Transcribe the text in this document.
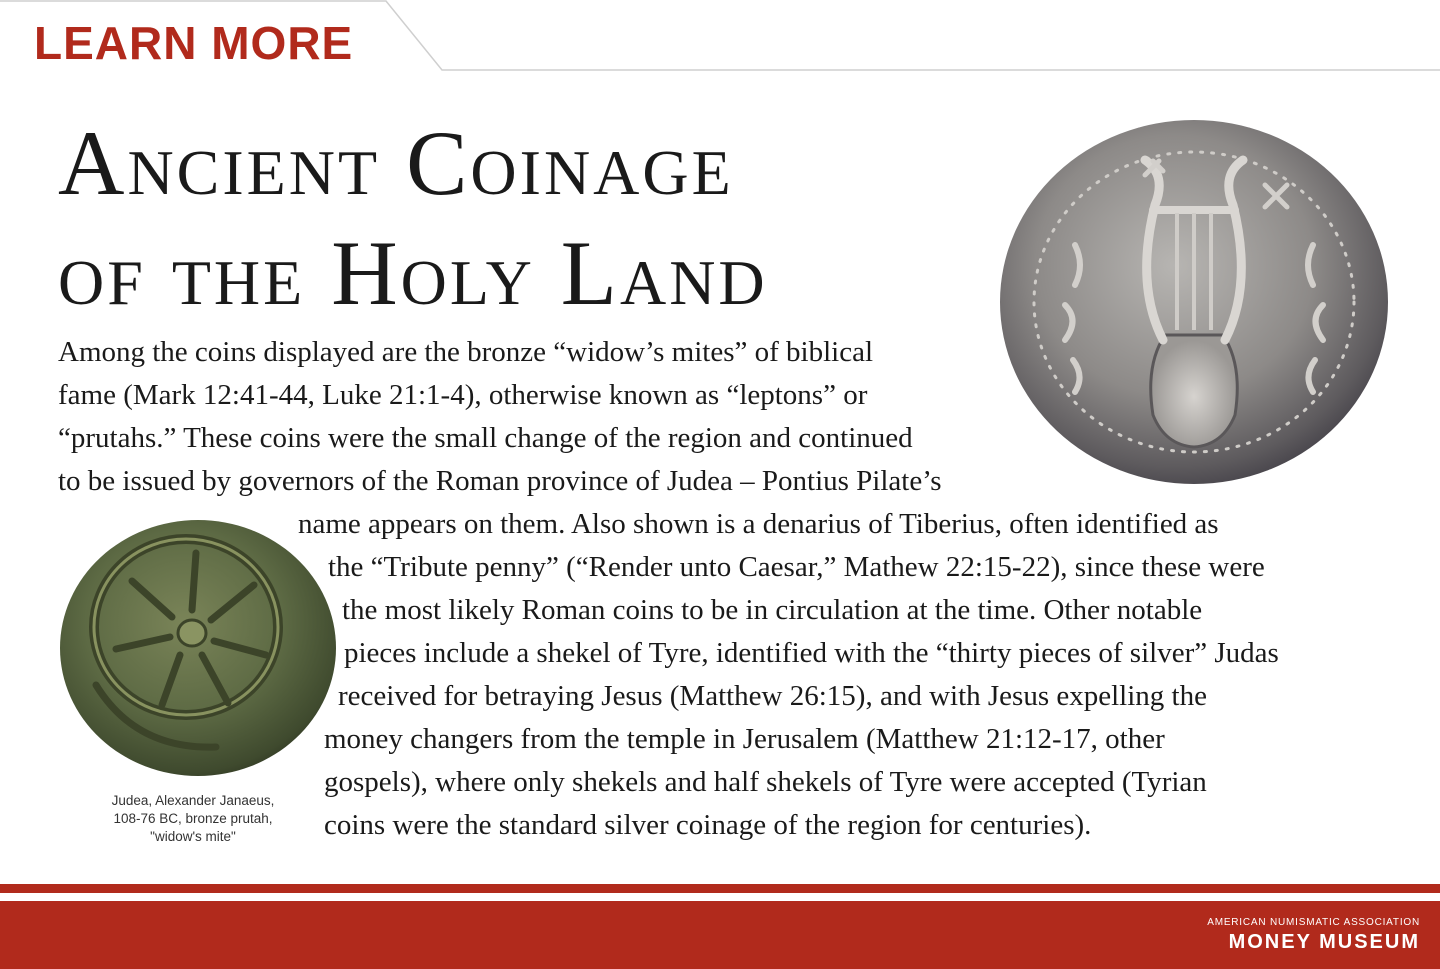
LEARN MORE
Ancient Coinage
of the Holy Land
Among the coins displayed are the bronze “widow’s mites” of biblical
fame (Mark 12:41-44, Luke 21:1-4), otherwise known as “leptons” or
“prutahs.” These coins were the small change of the region and continued
to be issued by governors of the Roman province of Judea – Pontius Pilate’s
name appears on them. Also shown is a denarius of Tiberius, often identified as
the “Tribute penny” (“Render unto Caesar,” Mathew 22:15-22), since these were
the most likely Roman coins to be in circulation at the time. Other notable
pieces include a shekel of Tyre, identified with the “thirty pieces of silver” Judas
received for betraying Jesus (Matthew 26:15), and with Jesus expelling the
money changers from the temple in Jerusalem (Matthew 21:12-17, other
gospels), where only shekels and half shekels of Tyre were accepted (Tyrian
coins were the standard silver coinage of the region for centuries).
Judea, Alexander Janaeus,
108-76 BC, bronze prutah,
"widow's mite"
AMERICAN NUMISMATIC ASSOCIATION
MONEY MUSEUM
